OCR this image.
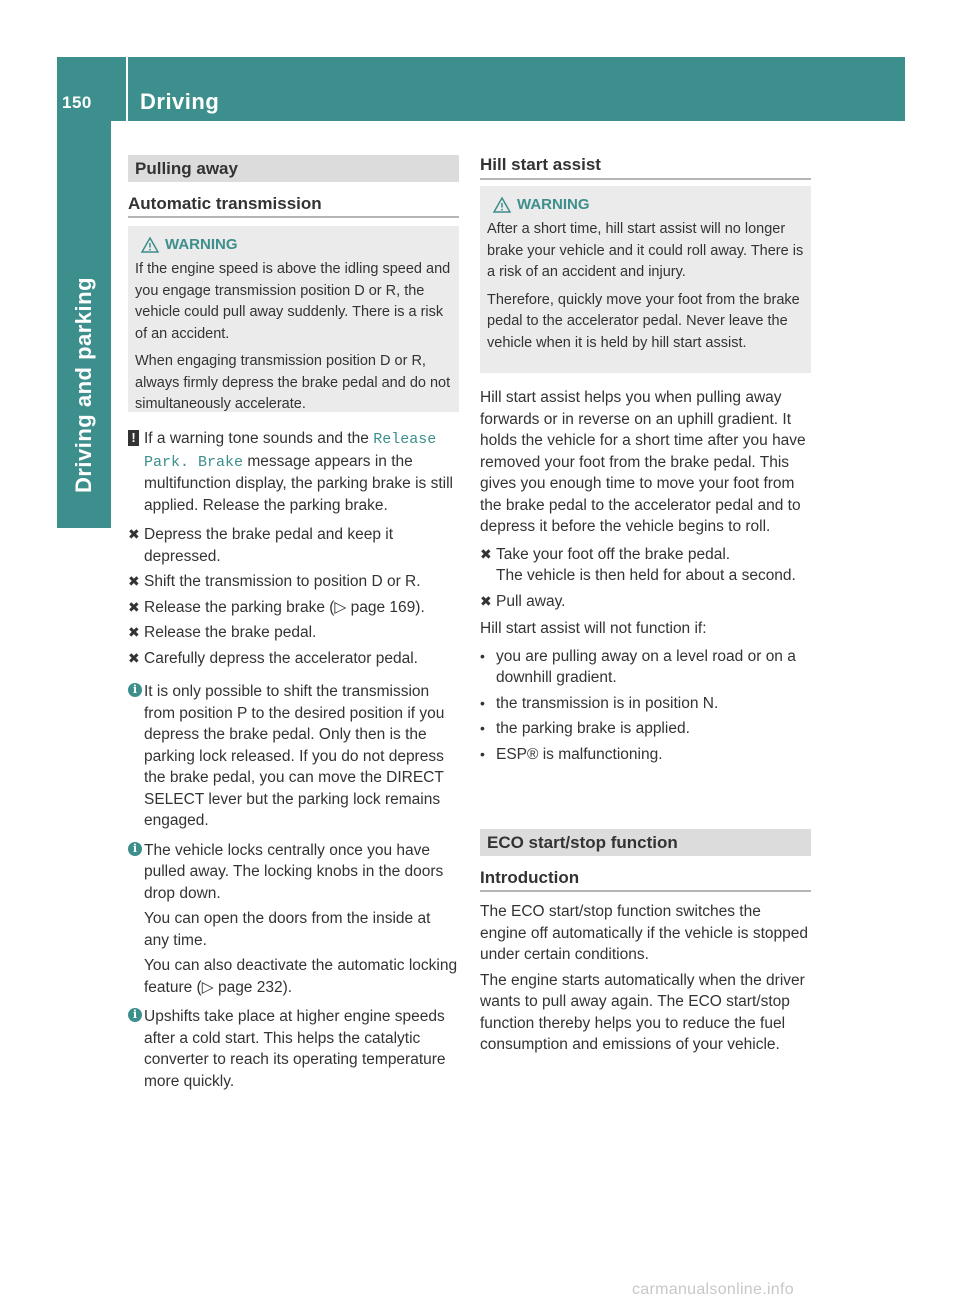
150 Driving
Driving and parking
Pulling away
Automatic transmission
WARNING

If the engine speed is above the idling speed and you engage transmission position D or R, the vehicle could pull away suddenly. There is a risk of an accident.

When engaging transmission position D or R, always firmly depress the brake pedal and do not simultaneously accelerate.

! If a warning tone sounds and the Release Park. Brake message appears in the multifunction display, the parking brake is still applied. Release the parking brake.
✖ Depress the brake pedal and keep it depressed.
✖ Shift the transmission to position D or R.
✖ Release the parking brake (▷ page 169).
✖ Release the brake pedal.
✖ Carefully depress the accelerator pedal.
i It is only possible to shift the transmission from position P to the desired position if you depress the brake pedal. Only then is the parking lock released. If you do not depress the brake pedal, you can move the DIRECT SELECT lever but the parking lock remains engaged.
i The vehicle locks centrally once you have pulled away. The locking knobs in the doors drop down.

You can open the doors from the inside at any time.

You can also deactivate the automatic locking feature (▷ page 232).

i Upshifts take place at higher engine speeds after a cold start. This helps the catalytic converter to reach its operating temperature more quickly.
Hill start assist
WARNING

After a short time, hill start assist will no longer brake your vehicle and it could roll away. There is a risk of an accident and injury.

Therefore, quickly move your foot from the brake pedal to the accelerator pedal. Never leave the vehicle when it is held by hill start assist.

Hill start assist helps you when pulling away forwards or in reverse on an uphill gradient. It holds the vehicle for a short time after you have removed your foot from the brake pedal. This gives you enough time to move your foot from the brake pedal to the accelerator pedal and to depress it before the vehicle begins to roll.

✖ Take your foot off the brake pedal.

The vehicle is then held for about a second.

✖ Pull away.

Hill start assist will not function if:

• you are pulling away on a level road or on a downhill gradient.
• the transmission is in position N.
• the parking brake is applied.
• ESP® is malfunctioning.
ECO start/stop function
Introduction

The ECO start/stop function switches the engine off automatically if the vehicle is stopped under certain conditions.

The engine starts automatically when the driver wants to pull away again. The ECO start/stop function thereby helps you to reduce the fuel consumption and emissions of your vehicle.

carmanualsonline.info
